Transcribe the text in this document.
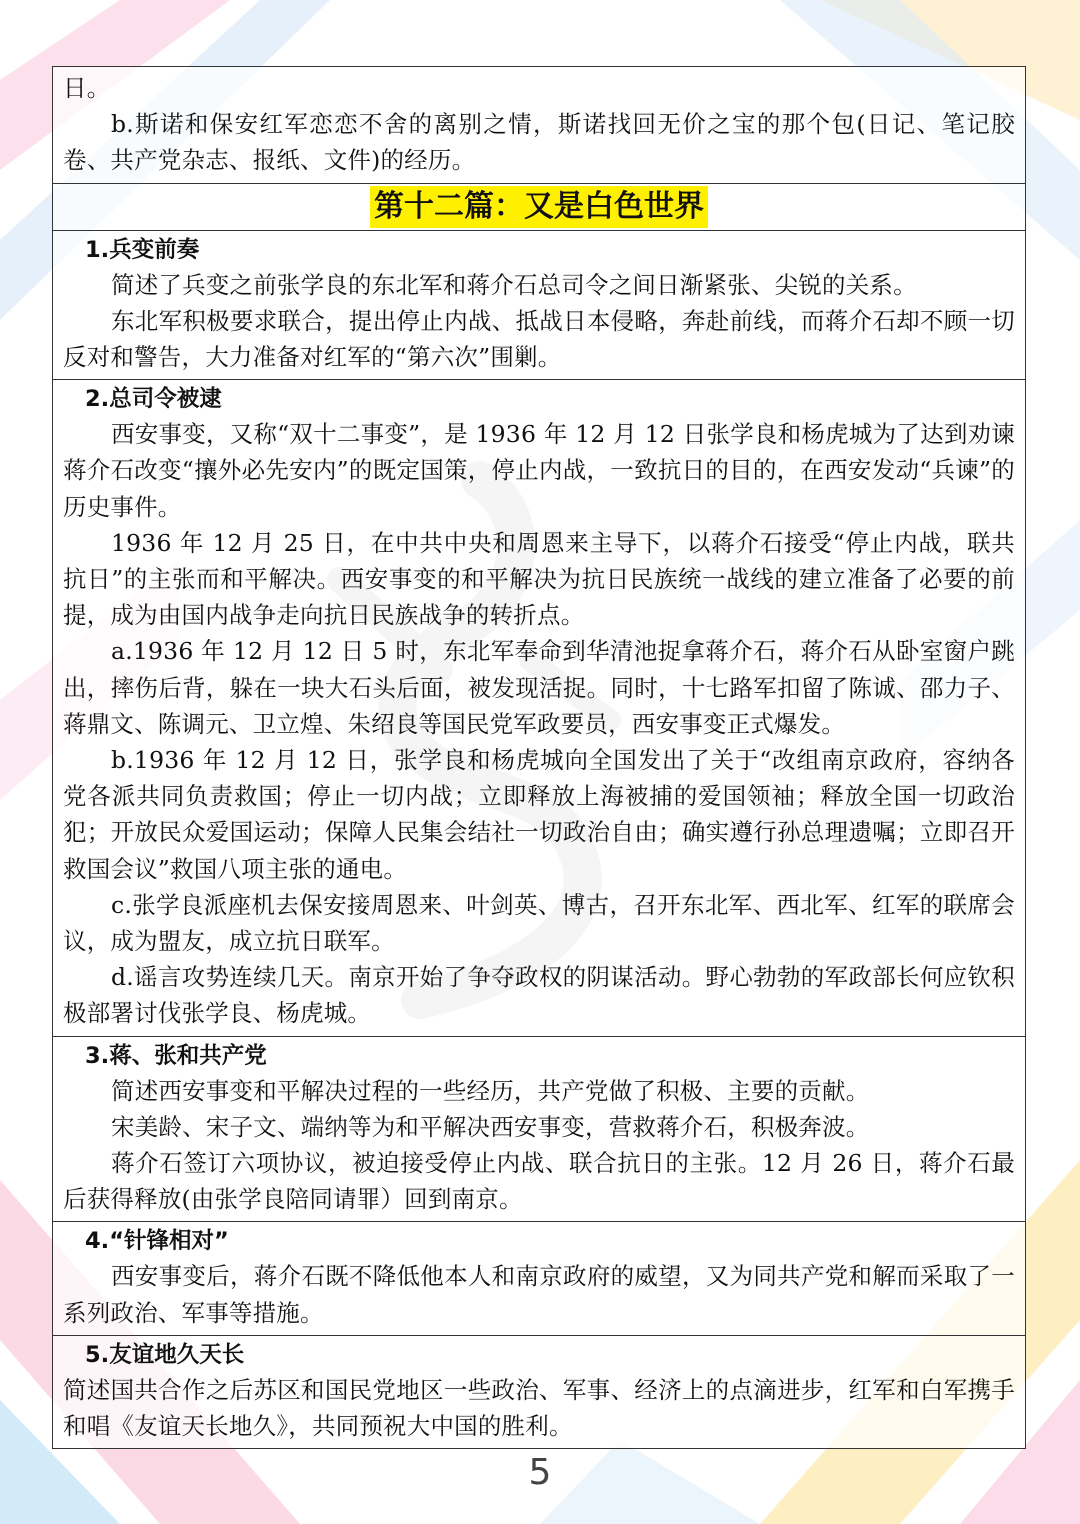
日。

b.斯诺和保安红军恋恋不舍的离别之情，斯诺找回无价之宝的那个包(日记、笔记胶卷、共产党杂志、报纸、文件)的经历。

第十二篇：又是白色世界

1.兵变前奏

简述了兵变之前张学良的东北军和蒋介石总司令之间日渐紧张、尖锐的关系。

东北军积极要求联合，提出停止内战、抵战日本侵略，奔赴前线，而蒋介石却不顾一切反对和警告，大力准备对红军的“第六次”围剿。

2.总司令被逮

西安事变，又称“双十二事变”，是 1936 年 12 月 12 日张学良和杨虎城为了达到劝谏蒋介石改变“攘外必先安内”的既定国策，停止内战，一致抗日的目的，在西安发动“兵谏”的历史事件。

1936 年 12 月 25 日，在中共中央和周恩来主导下，以蒋介石接受“停止内战，联共抗日”的主张而和平解决。西安事变的和平解决为抗日民族统一战线的建立准备了必要的前提，成为由国内战争走向抗日民族战争的转折点。

a.1936 年 12 月 12 日 5 时，东北军奉命到华清池捉拿蒋介石，蒋介石从卧室窗户跳出，摔伤后背，躲在一块大石头后面，被发现活捉。同时，十七路军扣留了陈诚、邵力子、蒋鼎文、陈调元、卫立煌、朱绍良等国民党军政要员，西安事变正式爆发。

b.1936 年 12 月 12 日，张学良和杨虎城向全国发出了关于“改组南京政府，容纳各党各派共同负责救国；停止一切内战；立即释放上海被捕的爱国领袖；释放全国一切政治犯；开放民众爱国运动；保障人民集会结社一切政治自由；确实遵行孙总理遗嘱；立即召开救国会议”救国八项主张的通电。

c.张学良派座机去保安接周恩来、叶剑英、博古，召开东北军、西北军、红军的联席会议，成为盟友，成立抗日联军。

d.谣言攻势连续几天。南京开始了争夺政权的阴谋活动。野心勃勃的军政部长何应钦积极部署讨伐张学良、杨虎城。

3.蒋、张和共产党

简述西安事变和平解决过程的一些经历，共产党做了积极、主要的贡献。

宋美龄、宋子文、端纳等为和平解决西安事变，营救蒋介石，积极奔波。

蒋介石签订六项协议，被迫接受停止内战、联合抗日的主张。12 月 26 日，蒋介石最后获得释放(由张学良陪同请罪）回到南京。

4.“针锋相对”

西安事变后，蒋介石既不降低他本人和南京政府的威望，又为同共产党和解而采取了一系列政治、军事等措施。

5.友谊地久天长

简述国共合作之后苏区和国民党地区一些政治、军事、经济上的点滴进步，红军和白军携手和唱《友谊天长地久》，共同预祝大中国的胜利。

5
